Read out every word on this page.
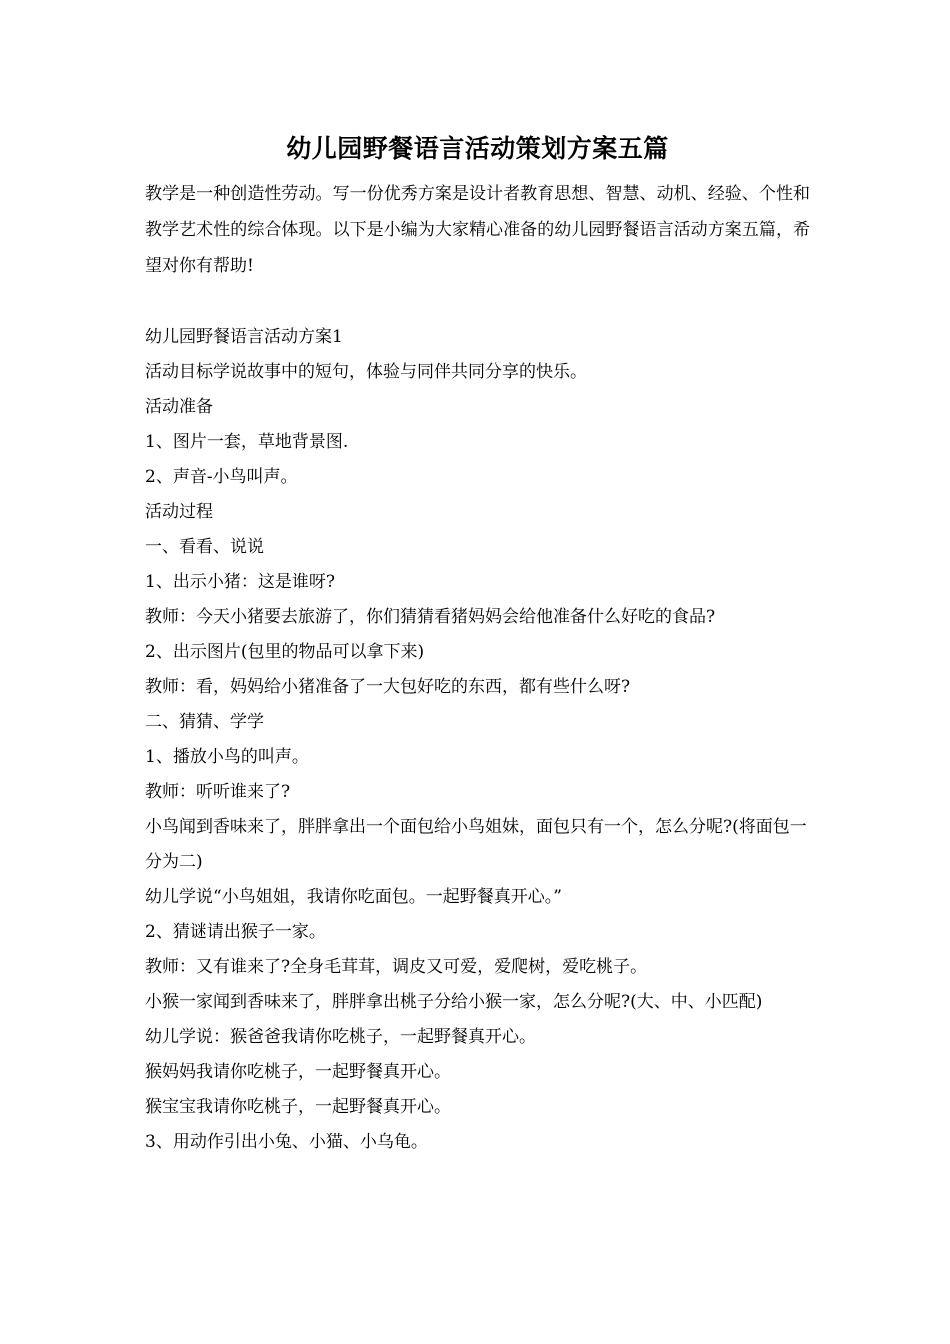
幼儿园野餐语言活动策划方案五篇

教学是一种创造性劳动。写一份优秀方案是设计者教育思想、智慧、动机、经验、个性和教学艺术性的综合体现。以下是小编为大家精心准备的幼儿园野餐语言活动方案五篇，希望对你有帮助!

幼儿园野餐语言活动方案1
活动目标学说故事中的短句，体验与同伴共同分享的快乐。
活动准备
1、图片一套，草地背景图.
2、声音-小鸟叫声。
活动过程
一、看看、说说
1、出示小猪：这是谁呀?
教师：今天小猪要去旅游了，你们猜猜看猪妈妈会给他准备什么好吃的食品?
2、出示图片(包里的物品可以拿下来)
教师：看，妈妈给小猪准备了一大包好吃的东西，都有些什么呀?
二、猜猜、学学
1、播放小鸟的叫声。
教师：听听谁来了?
小鸟闻到香味来了，胖胖拿出一个面包给小鸟姐妹，面包只有一个，怎么分呢?(将面包一分为二)
幼儿学说“小鸟姐姐，我请你吃面包。一起野餐真开心。”
2、猜谜请出猴子一家。
教师：又有谁来了?全身毛茸茸，调皮又可爱，爱爬树，爱吃桃子。
小猴一家闻到香味来了，胖胖拿出桃子分给小猴一家，怎么分呢?(大、中、小匹配)
幼儿学说：猴爸爸我请你吃桃子，一起野餐真开心。
猴妈妈我请你吃桃子，一起野餐真开心。
猴宝宝我请你吃桃子，一起野餐真开心。
3、用动作引出小兔、小猫、小乌龟。
